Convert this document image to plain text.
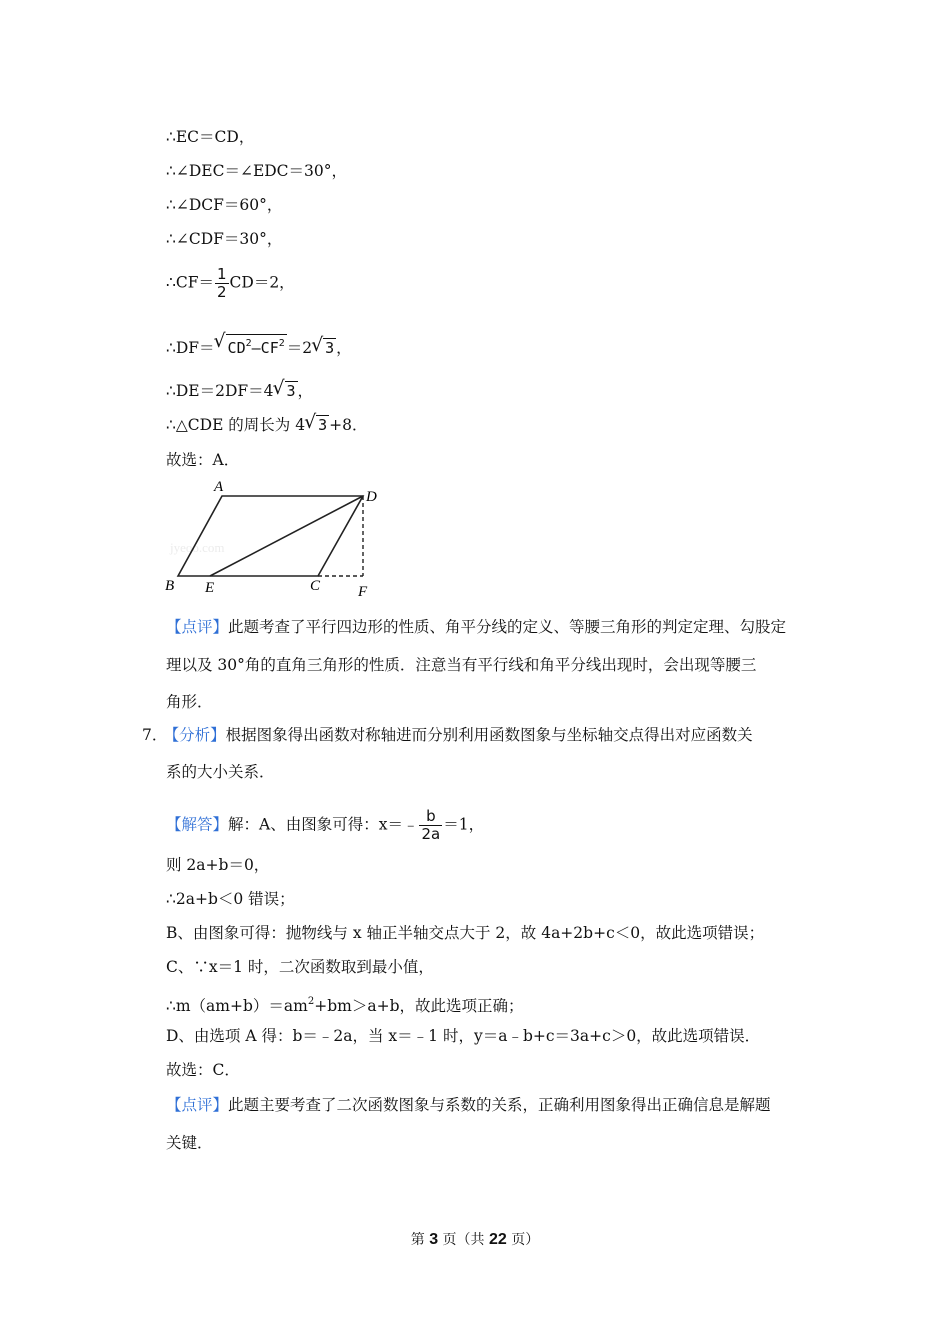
∴EC＝CD，
∴∠DEC＝∠EDC＝30°，
∴∠DCF＝60°，
∴∠CDF＝30°，
∴CF＝ $\frac{1}{2} CD=2$，
∴DF＝√ $CD^2-CF^2 =2√$ 3 ，
∴DE＝2DF＝4√ 3 ，
∴△CDE 的周长为 4√ 3 +8．
故选：A．
jyeoo.com
A
D
B E	C	F
【点评】此题考查了平行四边形的性质、角平分线的定义、等腰三角形的判定定理、勾股定
理以及 30°角的直角三角形的性质．注意当有平行线和角平分线出现时，会出现等腰三
角形．
7． 【分析】根据图象得出函数对称轴进而分别利用函数图象与坐标轴交点得出对应函数关
系的大小关系．
【解答】解：A、由图象可得：x＝﹣ $\frac{b}{2a} =1$，
则 2a+b＝0，
∴2a+b＜0 错误；
B、由图象可得：抛物线与 x 轴正半轴交点大于 2，故 4a+2b+c＜0，故此选项错误；
C、∵x＝1 时，二次函数取到最小值，
$\therefore m(am+b)=am^2+bm>a+b$，故此选项正确；
D、由选项 A 得：b＝﹣2a，当 x＝﹣1 时，y＝a﹣b+c＝3a+c＞0，故此选项错误．
故选：C．
【点评】此题主要考查了二次函数图象与系数的关系，正确利用图象得出正确信息是解题
关键．
第 3 页（共 22 页）
